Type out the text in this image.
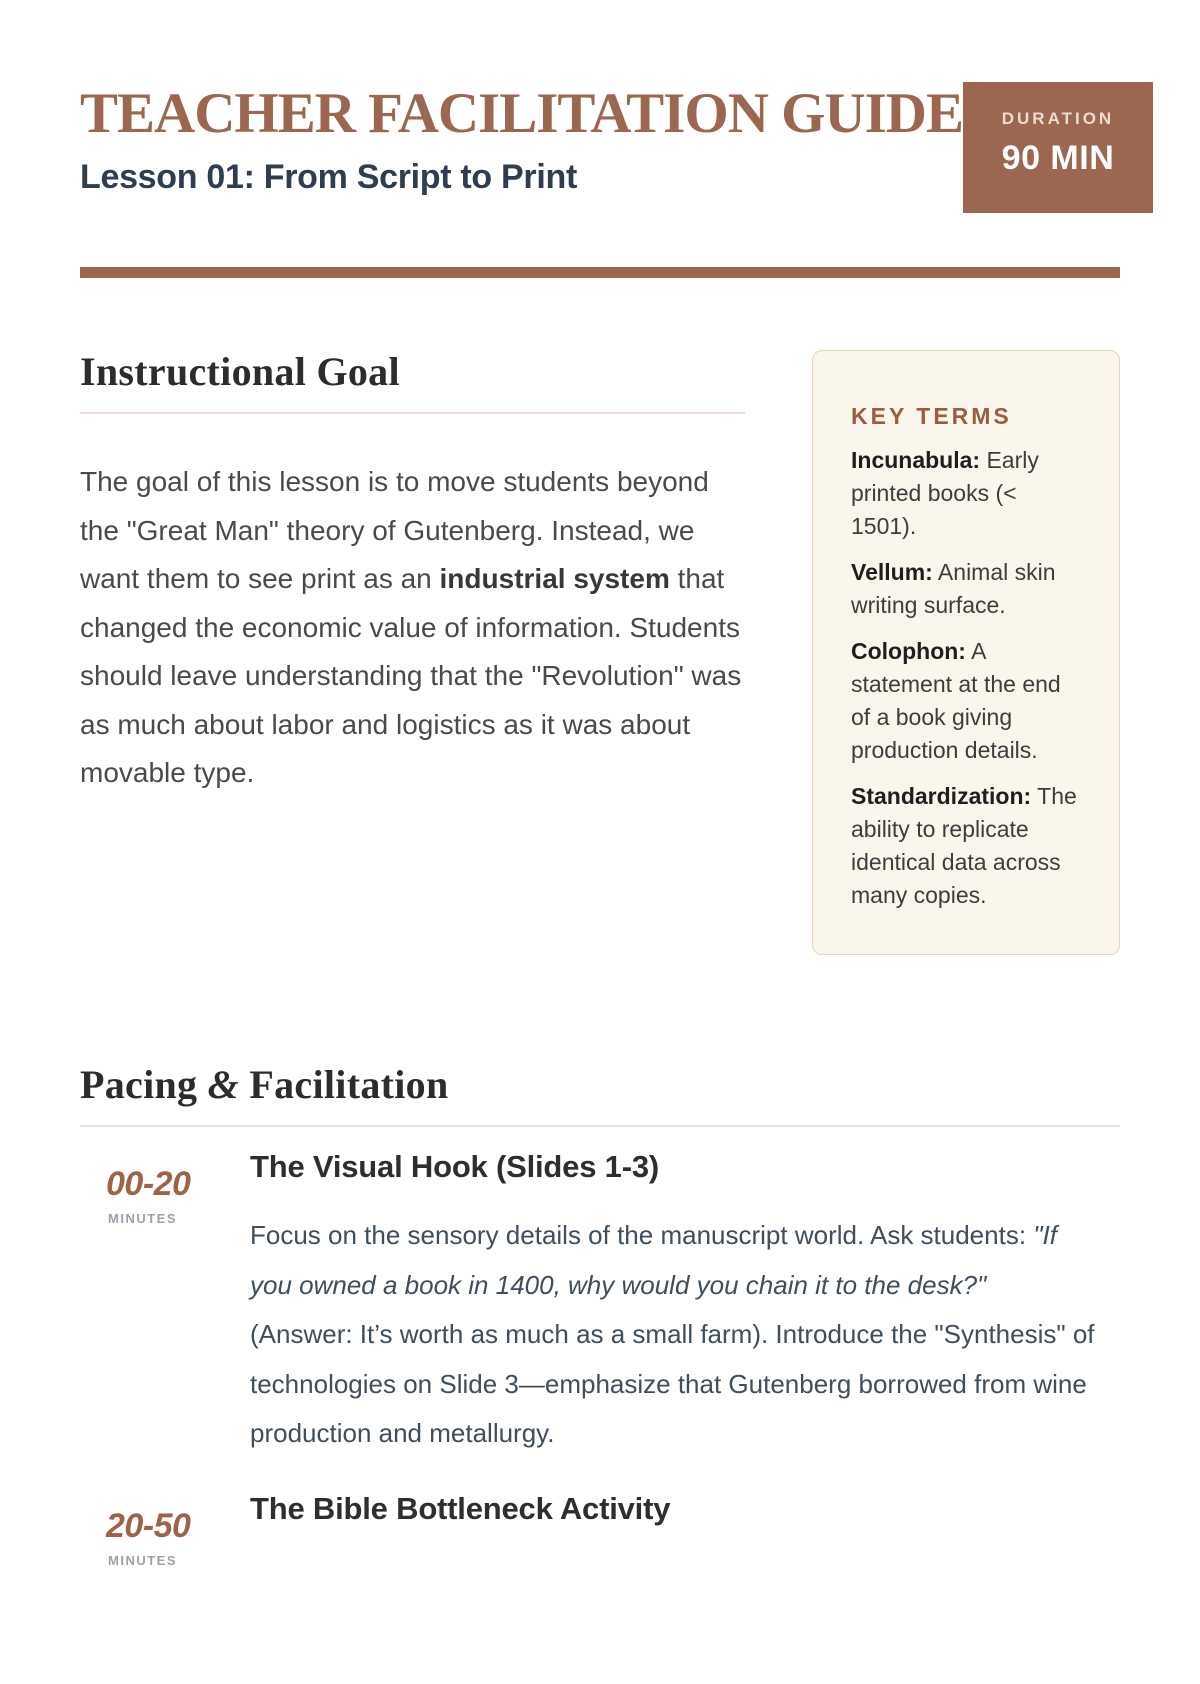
TEACHER FACILITATION GUIDE
Lesson 01: From Script to Print
DURATION
90 MIN
Instructional Goal
The goal of this lesson is to move students beyond the "Great Man" theory of Gutenberg. Instead, we want them to see print as an industrial system that changed the economic value of information. Students should leave understanding that the "Revolution" was as much about labor and logistics as it was about movable type.
KEY TERMS
Incunabula: Early printed books (< 1501).
Vellum: Animal skin writing surface.
Colophon: A statement at the end of a book giving production details.
Standardization: The ability to replicate identical data across many copies.
Pacing & Facilitation
00-20
MINUTES
The Visual Hook (Slides 1-3)
Focus on the sensory details of the manuscript world. Ask students: "If you owned a book in 1400, why would you chain it to the desk?" (Answer: It’s worth as much as a small farm). Introduce the "Synthesis" of technologies on Slide 3—emphasize that Gutenberg borrowed from wine production and metallurgy.
20-50
MINUTES
The Bible Bottleneck Activity
